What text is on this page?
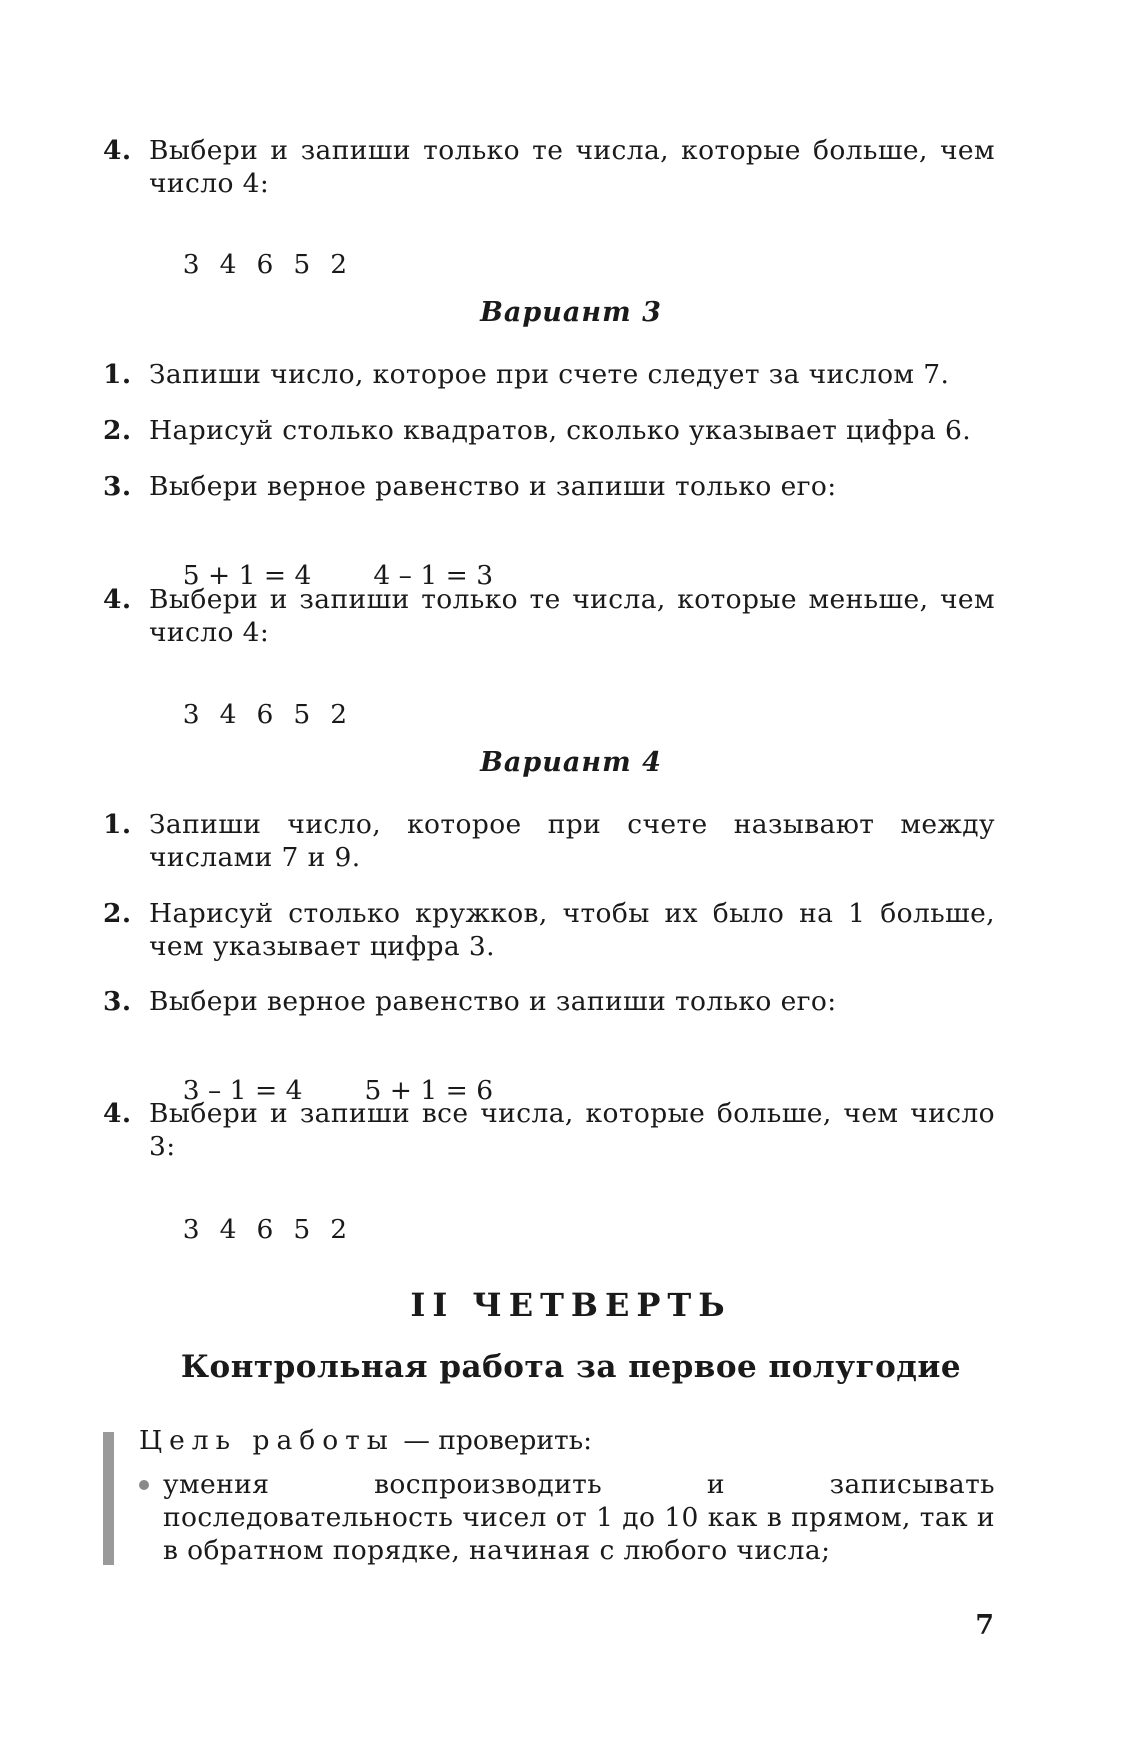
4. Выбери и запиши только те числа, которые больше, чем число 4:

3 4 6 5 2

Вариант 3
1. Запиши число, которое при счете следует за числом 7.
2. Нарисуй столько квадратов, сколько указывает цифра 6.
3. Выбери верное равенство и запиши только его:

5 + 1 = 4 4 – 1 = 3

4. Выбери и запиши только те числа, которые меньше, чем число 4:

3 4 6 5 2

Вариант 4
1. Запиши число, которое при счете называют между числами 7 и 9.
2. Нарисуй столько кружков, чтобы их было на 1 больше, чем указывает цифра 3.
3. Выбери верное равенство и запиши только его:

3 – 1 = 4 5 + 1 = 6

4. Выбери и запиши все числа, которые больше, чем число 3:

3 4 6 5 2

II ЧЕТВЕРТЬ
Контрольная работа за первое полугодие
Цель работы — проверить:
умения воспроизводить и записывать последовательность чисел от 1 до 10 как в прямом, так и в обратном порядке, начиная с любого числа;
7
